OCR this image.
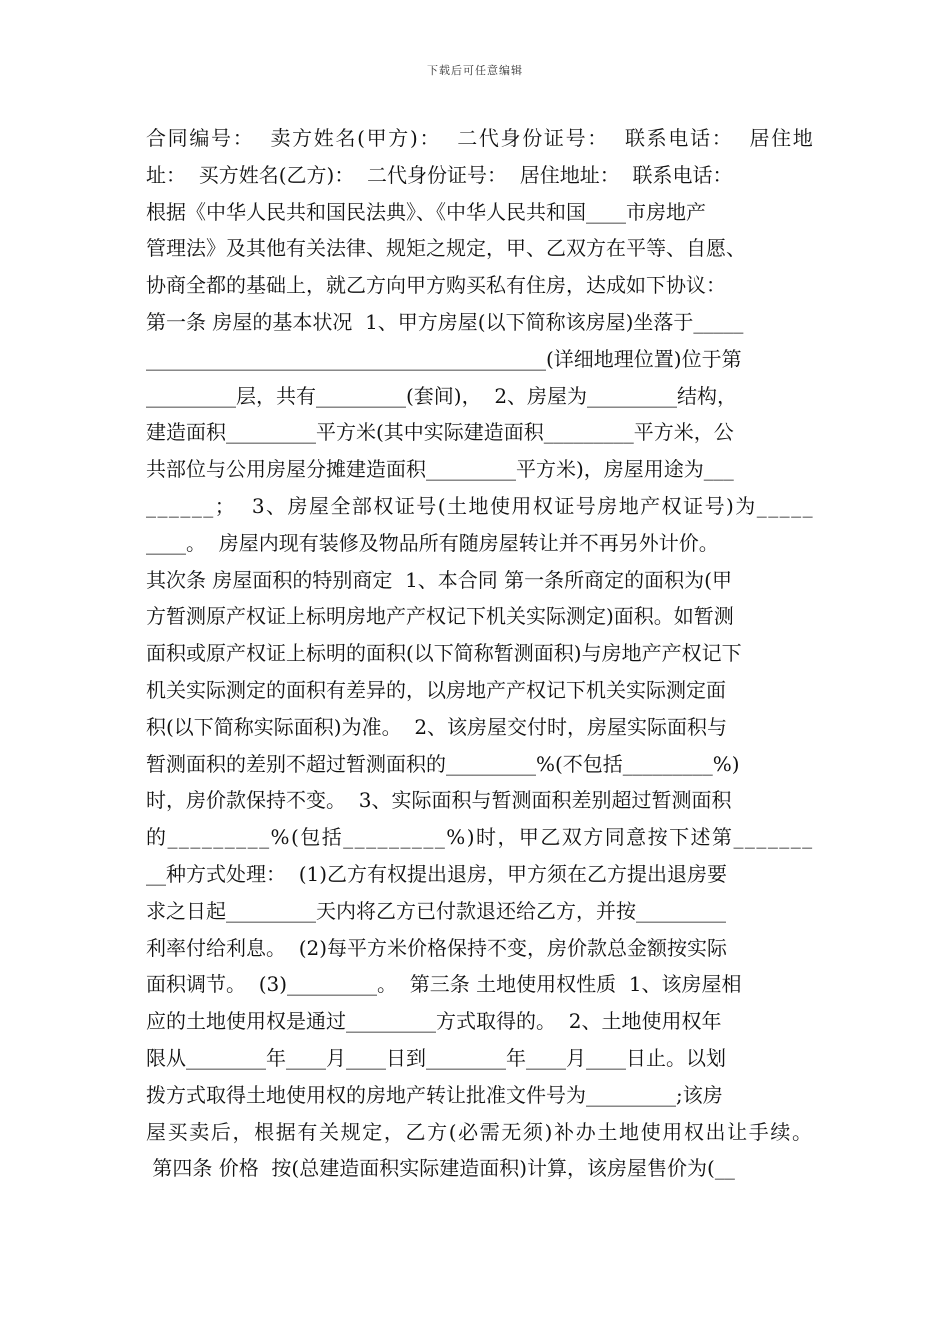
下载后可任意编辑
合同编号：  卖方姓名(甲方)：  二代身份证号：  联系电话：  居住地
址：  买方姓名(乙方)：  二代身份证号：  居住地址：  联系电话：
根据《中华人民共和国民法典》、《中华人民共和国____市房地产
管理法》及其他有关法律、规矩之规定，甲、乙双方在平等、自愿、
协商全都的基础上，就乙方向甲方购买私有住房，达成如下协议：
第一条 房屋的基本状况  1、甲方房屋(以下简称该房屋)坐落于_____
________________________________________(详细地理位置)位于第
_________层，共有_________(套间)，  2、房屋为_________结构，
建造面积_________平方米(其中实际建造面积_________平方米，公
共部位与公用房屋分摊建造面积_________平方米)，房屋用途为___
______；  3、房屋全部权证号(土地使用权证号房地产权证号)为_____
____。  房屋内现有装修及物品所有随房屋转让并不再另外计价。
其次条 房屋面积的特别商定  1、本合同 第一条所商定的面积为(甲
方暂测原产权证上标明房地产产权记下机关实际测定)面积。如暂测
面积或原产权证上标明的面积(以下简称暂测面积)与房地产产权记下
机关实际测定的面积有差异的，以房地产产权记下机关实际测定面
积(以下简称实际面积)为准。  2、该房屋交付时，房屋实际面积与
暂测面积的差别不超过暂测面积的_________%(不包括_________%)
时，房价款保持不变。  3、实际面积与暂测面积差别超过暂测面积
的_________%(包括_________%)时，甲乙双方同意按下述第_______
__种方式处理：  (1)乙方有权提出退房，甲方须在乙方提出退房要
求之日起_________天内将乙方已付款退还给乙方，并按_________
利率付给利息。  (2)每平方米价格保持不变，房价款总金额按实际
面积调节。  (3)_________。  第三条 土地使用权性质  1、该房屋相
应的土地使用权是通过_________方式取得的。  2、土地使用权年
限从________年____月____日到________年____月____日止。以划
拨方式取得土地使用权的房地产转让批准文件号为_________;该房
屋买卖后，根据有关规定，乙方(必需无须)补办土地使用权出让手续。
第四条 价格  按(总建造面积实际建造面积)计算，该房屋售价为(__
